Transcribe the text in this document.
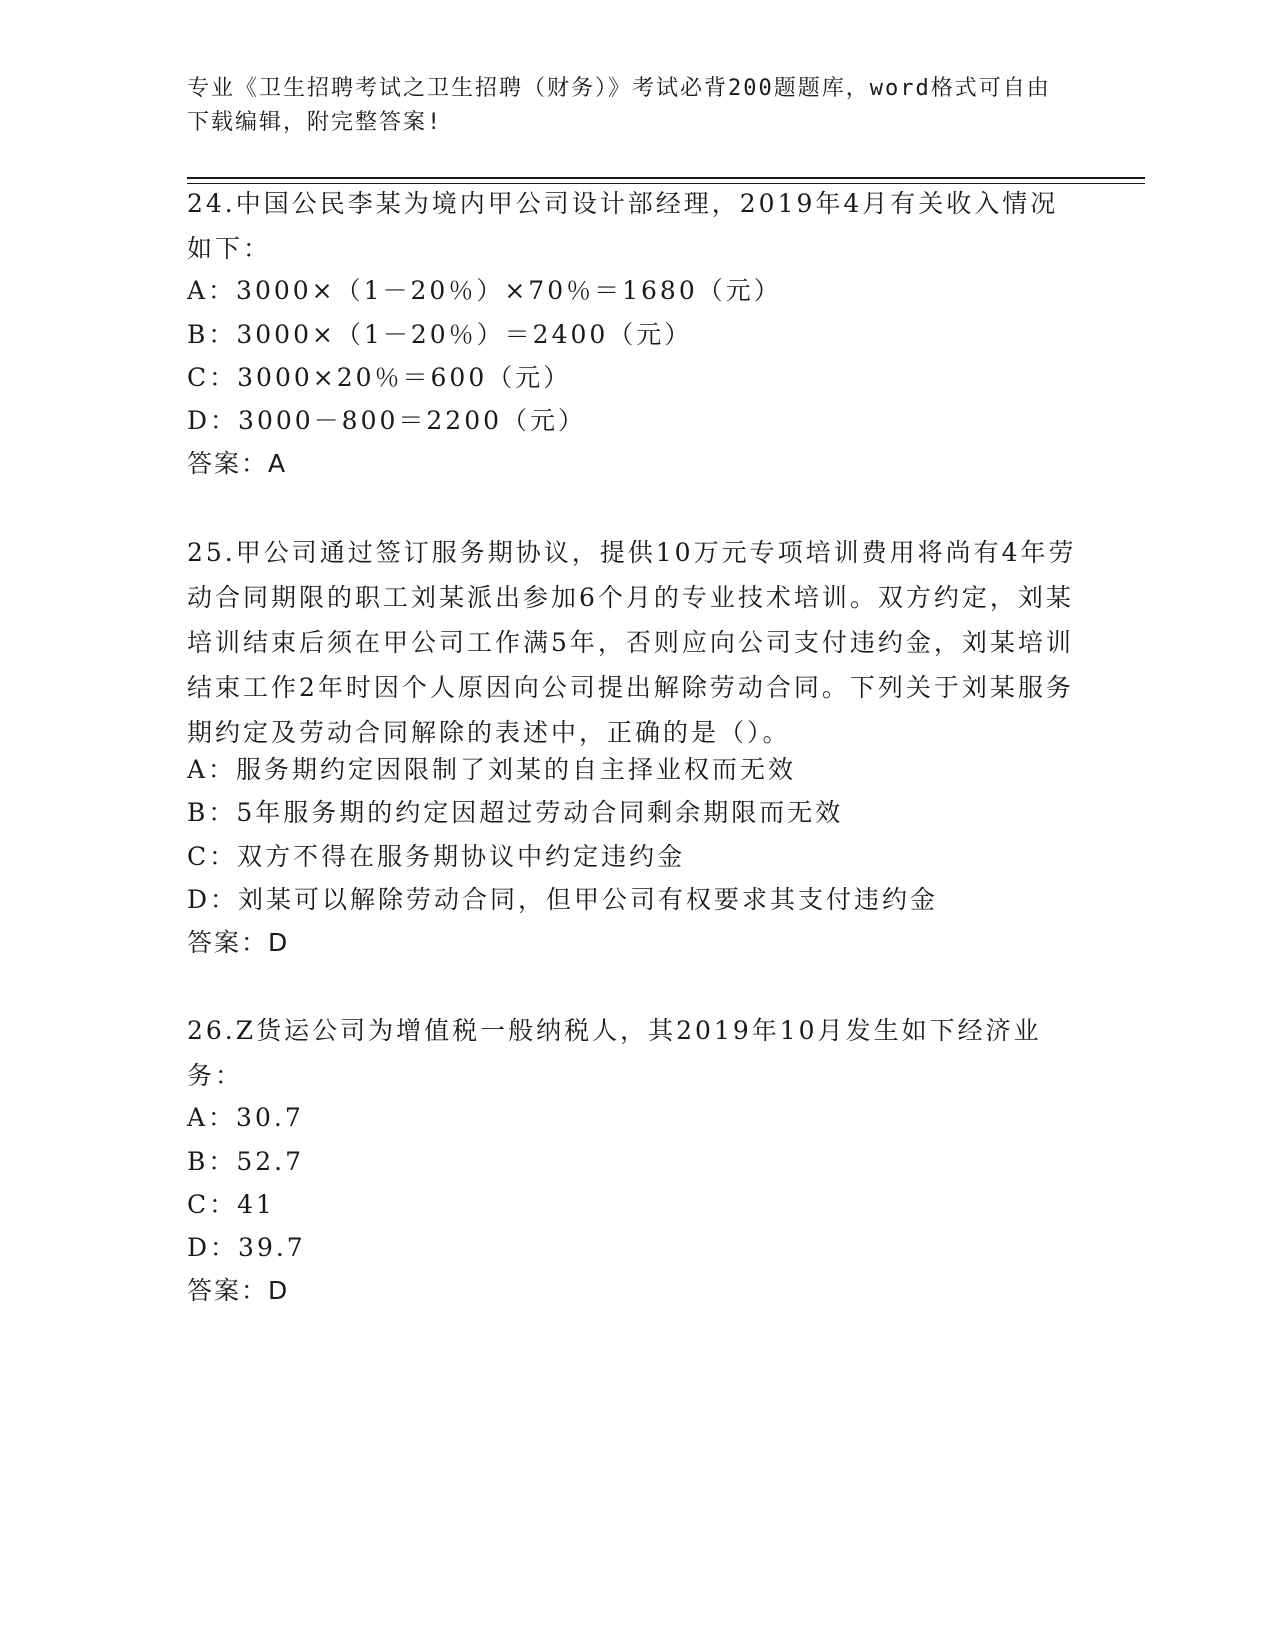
专业《卫生招聘考试之卫生招聘（财务）》考试必背200题题库，word格式可自由下载编辑，附完整答案!
24.中国公民李某为境内甲公司设计部经理，2019年4月有关收入情况如下：
A：3000×（1－20％）×70％＝1680（元）
B：3000×（1－20％）＝2400（元）
C：3000×20％＝600（元）
D：3000－800＝2200（元）
答案：A
25.甲公司通过签订服务期协议，提供10万元专项培训费用将尚有4年劳动合同期限的职工刘某派出参加6个月的专业技术培训。双方约定，刘某培训结束后须在甲公司工作满5年，否则应向公司支付违约金，刘某培训结束工作2年时因个人原因向公司提出解除劳动合同。下列关于刘某服务期约定及劳动合同解除的表述中，正确的是（）。
A：服务期约定因限制了刘某的自主择业权而无效
B：5年服务期的约定因超过劳动合同剩余期限而无效
C：双方不得在服务期协议中约定违约金
D：刘某可以解除劳动合同，但甲公司有权要求其支付违约金
答案：D
26.Z货运公司为增值税一般纳税人，其2019年10月发生如下经济业务：
A：30.7
B：52.7
C：41
D：39.7
答案：D
